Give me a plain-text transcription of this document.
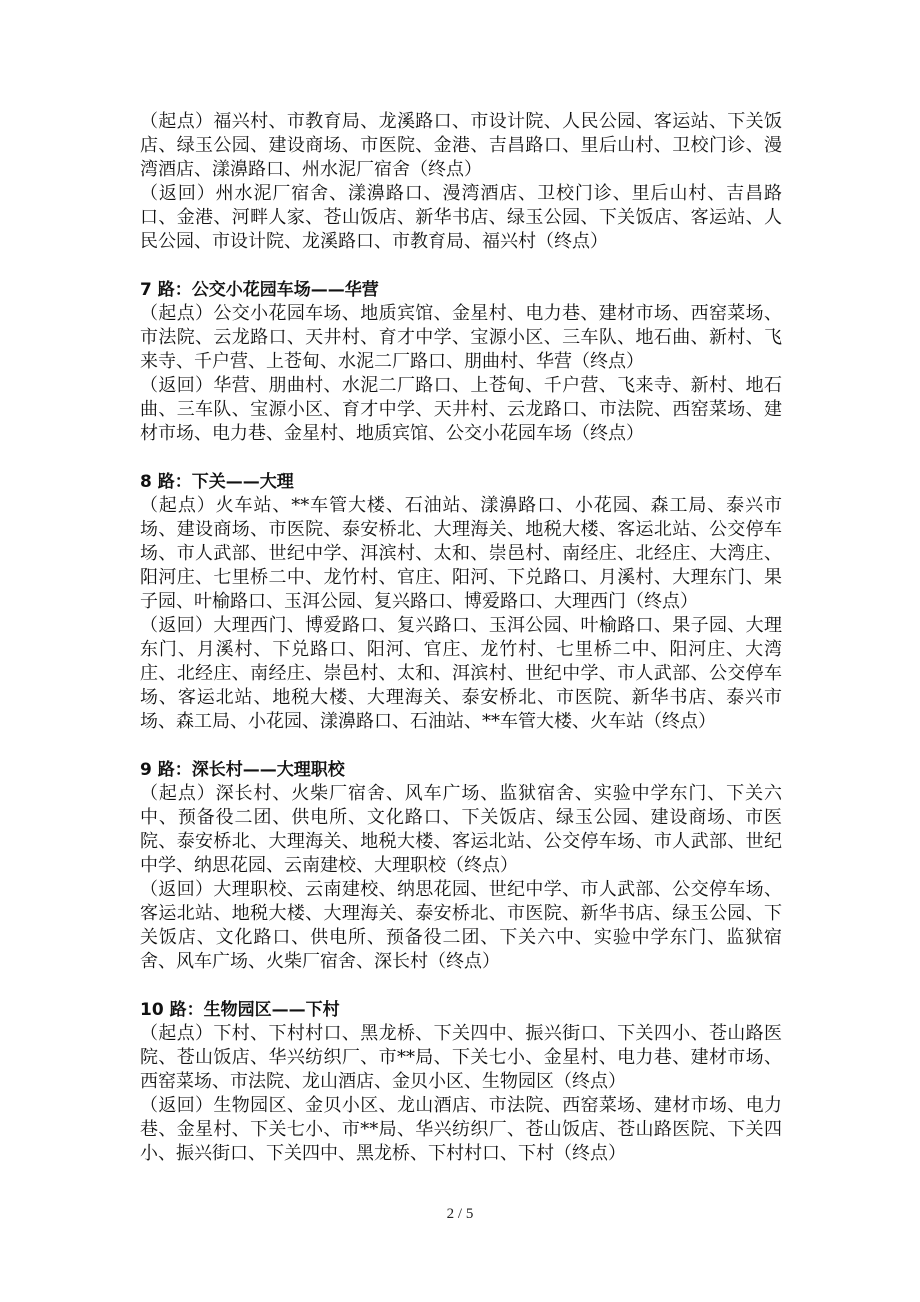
（起点）福兴村、市教育局、龙溪路口、市设计院、人民公园、客运站、下关饭店、绿玉公园、建设商场、市医院、金港、吉昌路口、里后山村、卫校门诊、漫湾酒店、漾濞路口、州水泥厂宿舍（终点）

（返回）州水泥厂宿舍、漾濞路口、漫湾酒店、卫校门诊、里后山村、吉昌路口、金港、河畔人家、苍山饭店、新华书店、绿玉公园、下关饭店、客运站、人民公园、市设计院、龙溪路口、市教育局、福兴村（终点）

7 路：公交小花园车场——华营

（起点）公交小花园车场、地质宾馆、金星村、电力巷、建材市场、西窑菜场、市法院、云龙路口、天井村、育才中学、宝源小区、三车队、地石曲、新村、飞来寺、千户营、上苍甸、水泥二厂路口、朋曲村、华营（终点）

（返回）华营、朋曲村、水泥二厂路口、上苍甸、千户营、飞来寺、新村、地石曲、三车队、宝源小区、育才中学、天井村、云龙路口、市法院、西窑菜场、建材市场、电力巷、金星村、地质宾馆、公交小花园车场（终点）

8 路：下关——大理

（起点）火车站、**车管大楼、石油站、漾濞路口、小花园、森工局、泰兴市场、建设商场、市医院、泰安桥北、大理海关、地税大楼、客运北站、公交停车场、市人武部、世纪中学、洱滨村、太和、崇邑村、南经庄、北经庄、大湾庄、阳河庄、七里桥二中、龙竹村、官庄、阳河、下兑路口、月溪村、大理东门、果子园、叶榆路口、玉洱公园、复兴路口、博爱路口、大理西门（终点）

（返回）大理西门、博爱路口、复兴路口、玉洱公园、叶榆路口、果子园、大理东门、月溪村、下兑路口、阳河、官庄、龙竹村、七里桥二中、阳河庄、大湾庄、北经庄、南经庄、崇邑村、太和、洱滨村、世纪中学、市人武部、公交停车场、客运北站、地税大楼、大理海关、泰安桥北、市医院、新华书店、泰兴市场、森工局、小花园、漾濞路口、石油站、**车管大楼、火车站（终点）

9 路：深长村——大理职校

（起点）深长村、火柴厂宿舍、风车广场、监狱宿舍、实验中学东门、下关六中、预备役二团、供电所、文化路口、下关饭店、绿玉公园、建设商场、市医院、泰安桥北、大理海关、地税大楼、客运北站、公交停车场、市人武部、世纪中学、纳思花园、云南建校、大理职校（终点）

（返回）大理职校、云南建校、纳思花园、世纪中学、市人武部、公交停车场、客运北站、地税大楼、大理海关、泰安桥北、市医院、新华书店、绿玉公园、下关饭店、文化路口、供电所、预备役二团、下关六中、实验中学东门、监狱宿舍、风车广场、火柴厂宿舍、深长村（终点）

10 路：生物园区——下村

（起点）下村、下村村口、黑龙桥、下关四中、振兴街口、下关四小、苍山路医院、苍山饭店、华兴纺织厂、市**局、下关七小、金星村、电力巷、建材市场、西窑菜场、市法院、龙山酒店、金贝小区、生物园区（终点）

（返回）生物园区、金贝小区、龙山酒店、市法院、西窑菜场、建材市场、电力巷、金星村、下关七小、市**局、华兴纺织厂、苍山饭店、苍山路医院、下关四小、振兴街口、下关四中、黑龙桥、下村村口、下村（终点）

2 / 5
